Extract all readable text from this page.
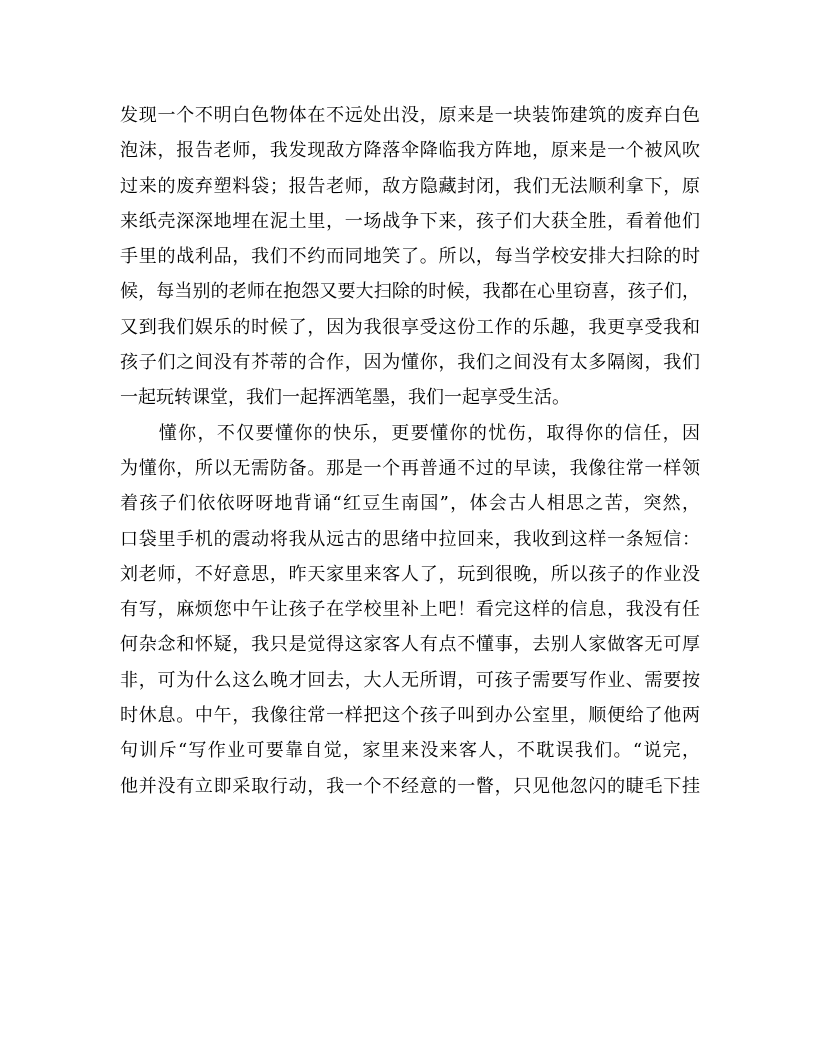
发现一个不明白色物体在不远处出没，原来是一块装饰建筑的废弃白色
泡沫，报告老师，我发现敌方降落伞降临我方阵地，原来是一个被风吹
过来的废弃塑料袋；报告老师，敌方隐藏封闭，我们无法顺利拿下，原
来纸壳深深地埋在泥土里，一场战争下来，孩子们大获全胜，看着他们
手里的战利品，我们不约而同地笑了。所以，每当学校安排大扫除的时
候，每当别的老师在抱怨又要大扫除的时候，我都在心里窃喜，孩子们，
又到我们娱乐的时候了，因为我很享受这份工作的乐趣，我更享受我和
孩子们之间没有芥蒂的合作，因为懂你，我们之间没有太多隔阂，我们
一起玩转课堂，我们一起挥洒笔墨，我们一起享受生活。
　　懂你，不仅要懂你的快乐，更要懂你的忧伤，取得你的信任，因
为懂你，所以无需防备。那是一个再普通不过的早读，我像往常一样领
着孩子们依依呀呀地背诵“红豆生南国”，体会古人相思之苦，突然，
口袋里手机的震动将我从远古的思绪中拉回来，我收到这样一条短信：
刘老师，不好意思，昨天家里来客人了，玩到很晚，所以孩子的作业没
有写，麻烦您中午让孩子在学校里补上吧！看完这样的信息，我没有任
何杂念和怀疑，我只是觉得这家客人有点不懂事，去别人家做客无可厚
非，可为什么这么晚才回去，大人无所谓，可孩子需要写作业、需要按
时休息。中午，我像往常一样把这个孩子叫到办公室里，顺便给了他两
句训斥“写作业可要靠自觉，家里来没来客人，不耽误我们。“说完，
他并没有立即采取行动，我一个不经意的一瞥，只见他忽闪的睫毛下挂
